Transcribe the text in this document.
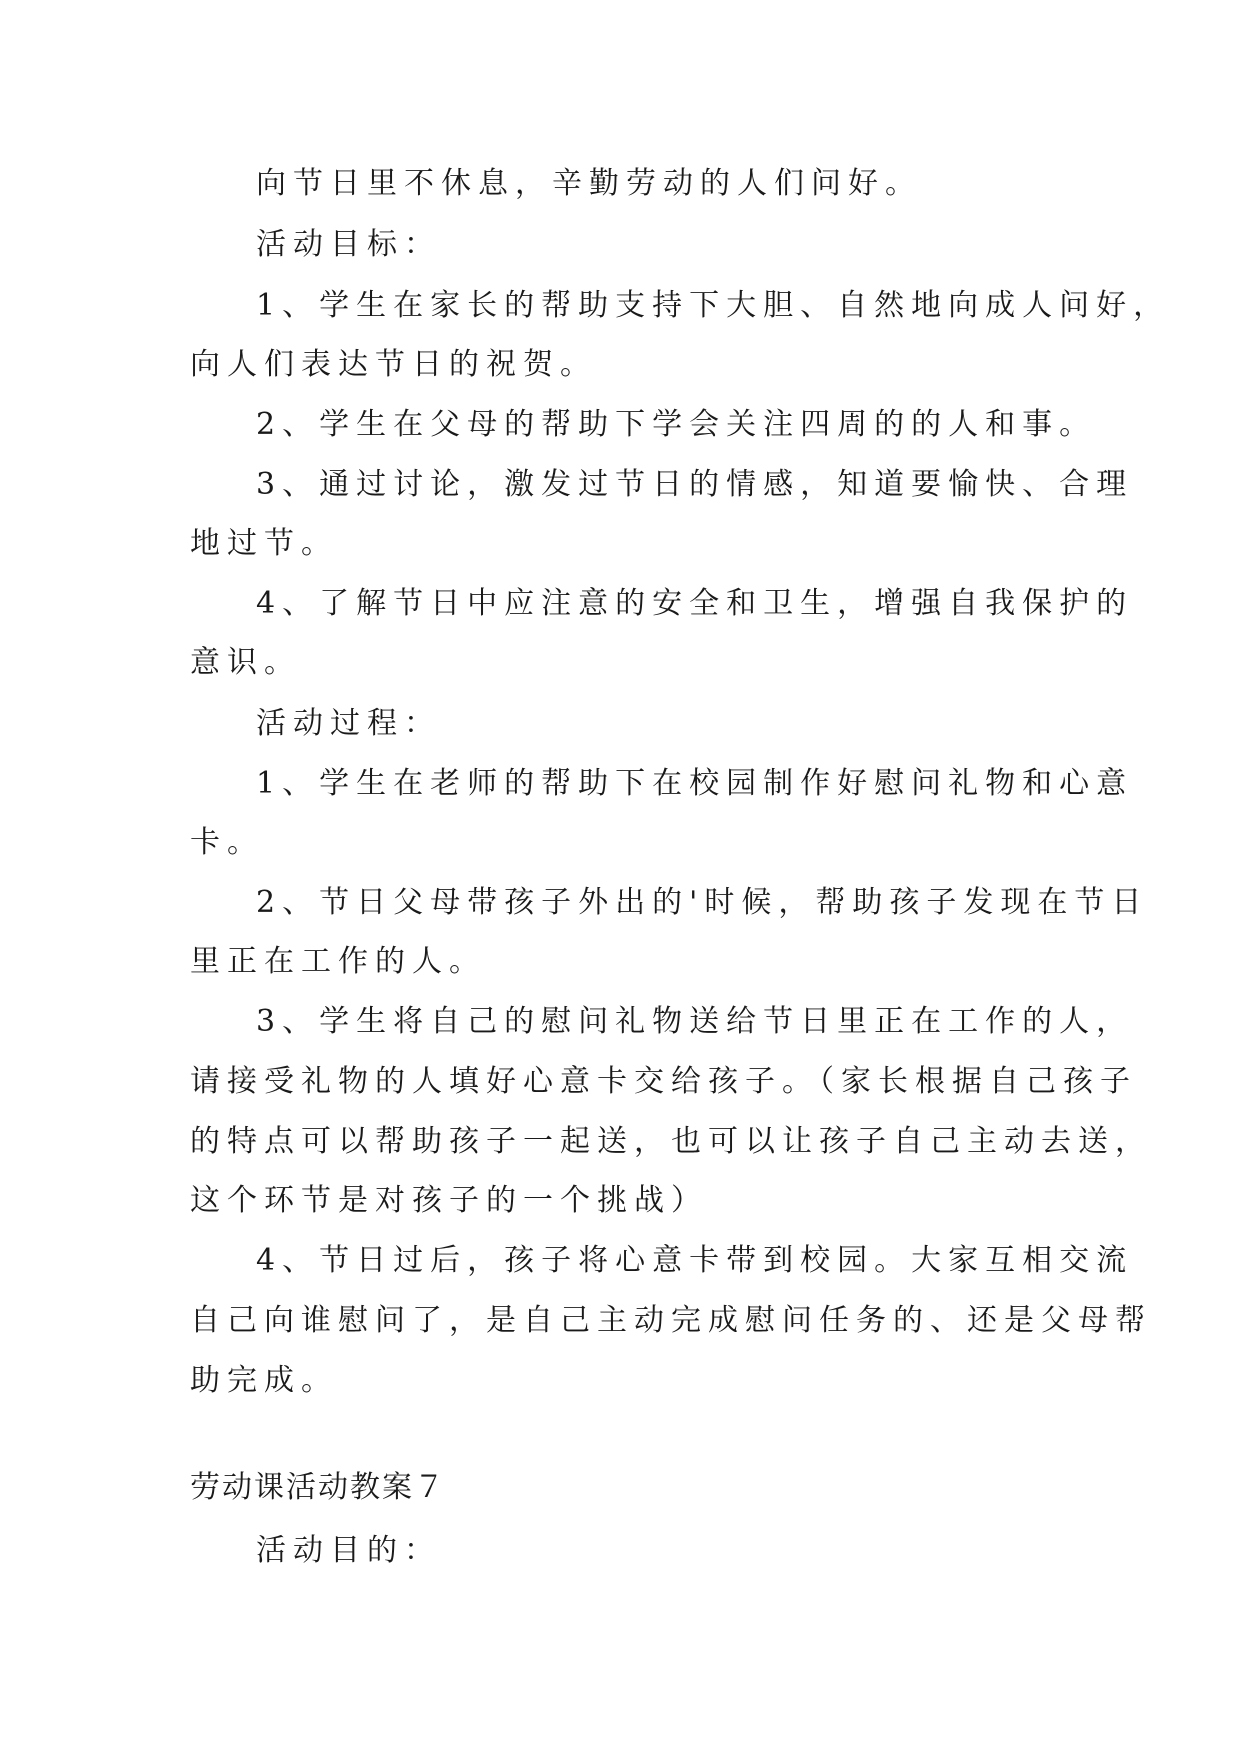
向节日里不休息，辛勤劳动的人们问好。
活动目标：
1、学生在家长的帮助支持下大胆、自然地向成人问好，
向人们表达节日的祝贺。
2、学生在父母的帮助下学会关注四周的的人和事。
3、通过讨论，激发过节日的情感，知道要愉快、合理
地过节。
4、了解节日中应注意的安全和卫生，增强自我保护的
意识。
活动过程：
1、学生在老师的帮助下在校园制作好慰问礼物和心意
卡。
2、节日父母带孩子外出的'时候，帮助孩子发现在节日
里正在工作的人。
3、学生将自己的慰问礼物送给节日里正在工作的人，
请接受礼物的人填好心意卡交给孩子。（家长根据自己孩子
的特点可以帮助孩子一起送，也可以让孩子自己主动去送，
这个环节是对孩子的一个挑战）
4、节日过后，孩子将心意卡带到校园。大家互相交流
自己向谁慰问了，是自己主动完成慰问任务的、还是父母帮
助完成。
劳动课活动教案７
活动目的：
